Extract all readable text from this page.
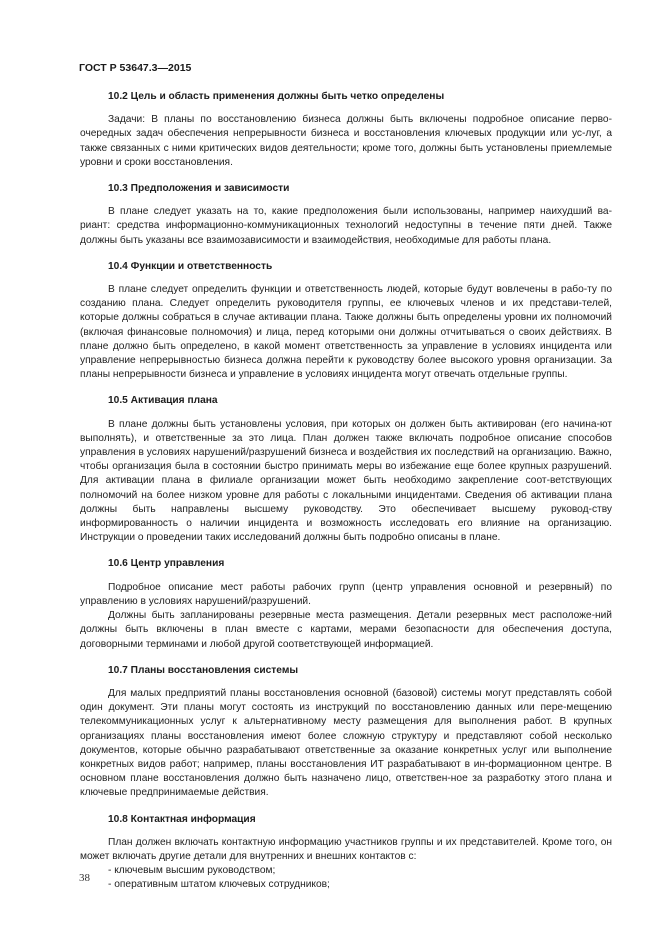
ГОСТ Р 53647.3—2015

10.2 Цель и область применения должны быть четко определены

Задачи: В планы по восстановлению бизнеса должны быть включены подробное описание перво-очередных задач обеспечения непрерывности бизнеса и восстановления ключевых продукции или ус-луг, а также связанных с ними критических видов деятельности; кроме того, должны быть установлены приемлемые уровни и сроки восстановления.

10.3 Предположения и зависимости

В плане следует указать на то, какие предположения были использованы, например наихудший ва-риант: средства информационно-коммуникационных технологий недоступны в течение пяти дней. Также должны быть указаны все взаимозависимости и взаимодействия, необходимые для работы плана.

10.4 Функции и ответственность

В плане следует определить функции и ответственность людей, которые будут вовлечены в рабо-ту по созданию плана. Следует определить руководителя группы, ее ключевых членов и их представи-телей, которые должны собраться в случае активации плана. Также должны быть определены уровни их полномочий (включая финансовые полномочия) и лица, перед которыми они должны отчитываться о своих действиях. В плане должно быть определено, в какой момент ответственность за управление в условиях инцидента или управление непрерывностью бизнеса должна перейти к руководству более высокого уровня организации. За планы непрерывности бизнеса и управление в условиях инцидента могут отвечать отдельные группы.

10.5 Активация плана

В плане должны быть установлены условия, при которых он должен быть активирован (его начина-ют выполнять), и ответственные за это лица. План должен также включать подробное описание способов управления в условиях нарушений/разрушений бизнеса и воздействия их последствий на организацию. Важно, чтобы организация была в состоянии быстро принимать меры во избежание еще более крупных разрушений. Для активации плана в филиале организации может быть необходимо закрепление соот-ветствующих полномочий на более низком уровне для работы с локальными инцидентами. Сведения об активации плана должны быть направлены высшему руководству. Это обеспечивает высшему руковод-ству информированность о наличии инцидента и возможность исследовать его влияние на организацию. Инструкции о проведении таких исследований должны быть подробно описаны в плане.

10.6 Центр управления

Подробное описание мест работы рабочих групп (центр управления основной и резервный) по управлению в условиях нарушений/разрушений.

Должны быть запланированы резервные места размещения. Детали резервных мест расположе-ний должны быть включены в план вместе с картами, мерами безопасности для обеспечения доступа, договорными терминами и любой другой соответствующей информацией.

10.7 Планы восстановления системы

Для малых предприятий планы восстановления основной (базовой) системы могут представлять собой один документ. Эти планы могут состоять из инструкций по восстановлению данных или пере-мещению телекоммуникационных услуг к альтернативному месту размещения для выполнения работ. В крупных организациях планы восстановления имеют более сложную структуру и представляют собой несколько документов, которые обычно разрабатывают ответственные за оказание конкретных услуг или выполнение конкретных видов работ; например, планы восстановления ИТ разрабатывают в ин-формационном центре. В основном плане восстановления должно быть назначено лицо, ответствен-ное за разработку этого плана и ключевые предпринимаемые действия.

10.8 Контактная информация

План должен включать контактную информацию участников группы и их представителей. Кроме того, он может включать другие детали для внутренних и внешних контактов с:

- ключевым высшим руководством;

- оперативным штатом ключевых сотрудников;

38
